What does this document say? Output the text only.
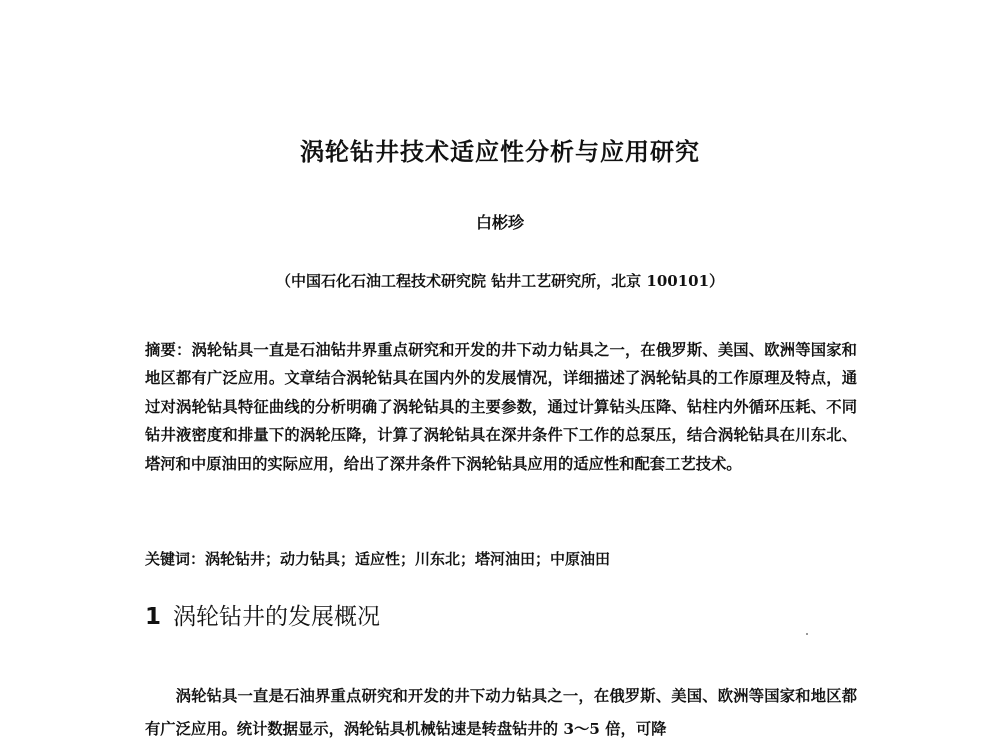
涡轮钻井技术适应性分析与应用研究

白彬珍

（中国石化石油工程技术研究院 钻井工艺研究所，北京 100101）

摘要：涡轮钻具一直是石油钻井界重点研究和开发的井下动力钻具之一，在俄罗斯、美国、欧洲等国家和地区都有广泛应用。文章结合涡轮钻具在国内外的发展情况，详细描述了涡轮钻具的工作原理及特点，通过对涡轮钻具特征曲线的分析明确了涡轮钻具的主要参数，通过计算钻头压降、钻柱内外循环压耗、不同钻井液密度和排量下的涡轮压降，计算了涡轮钻具在深井条件下工作的总泵压，结合涡轮钻具在川东北、塔河和中原油田的实际应用，给出了深井条件下涡轮钻具应用的适应性和配套工艺技术。

关键词：涡轮钻井；动力钻具；适应性；川东北；塔河油田；中原油田

1 涡轮钻井的发展概况

涡轮钻具一直是石油界重点研究和开发的井下动力钻具之一，在俄罗斯、美国、欧洲等国家和地区都有广泛应用。统计数据显示，涡轮钻具机械钻速是转盘钻井的 3～5 倍，可降
